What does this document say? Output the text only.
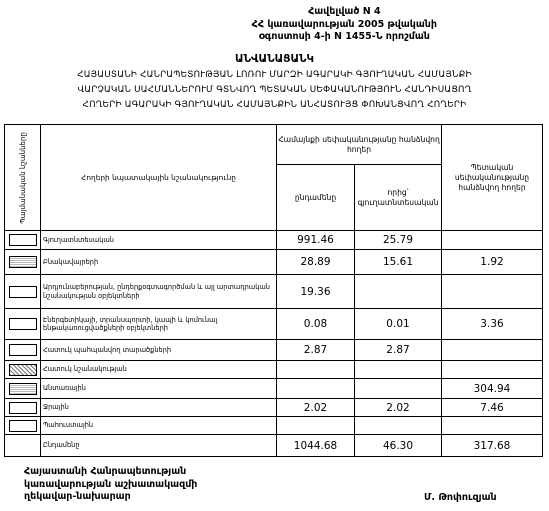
Հավելված N 4
ՀՀ կառավարության 2005 թվականի
օգոստոսի 4-ի N 1455-Ն որոշման
ԱՆՎԱՆԱՑԱՆԿ
ՀԱՅԱՍՏԱՆԻ ՀԱՆՐԱՊԵՏՈՒԹՅԱՆ ԼՈՌՈՒ ՄԱՐԶԻ ԱԳԱՐԱԿԻ ԳՅՈՒՂԱԿԱՆ ՀԱՄԱՅՆՔԻ
ՎԱՐՉԱԿԱՆ ՍԱՀՄԱՆՆԵՐՈՒՄ ԳՏՆՎՈՂ ՊԵՏԱԿԱՆ ՍԵՓԱԿԱՆՈՒԹՅՈՒՆ ՀԱՆԴԻՍԱՑՈՂ
ՀՈՂԵՐԻ ԱԳԱՐԱԿԻ ԳՅՈՒՂԱԿԱՆ ՀԱՄԱՅՆՔԻՆ ԱՆՀԱՏՈՒՅՑ ՓՈԽԱՆՑՎՈՂ ՀՈՂԵՐԻ
Պայմանական նշանները	Հողերի նպատակային նշանակությունը	Համայնքի սեփականությանը հանձնվող հողեր		Պետական սեփականությանը հանձնվող հողեր
		ընդամենը	որից՝ գյուղատնտեսական	

	Գյուղատնտեսական	991.46	25.79	

	Բնակավայրերի	28.89	15.61	1.92

	Արդյունաբերության, ընդերքօգտագործման և այլ արտադրական նշանակության օբյեկտների	19.36		

	Էներգետիկայի, տրանսպորտի, կապի և կոմունալ ենթակառուցվածքների օբյեկտների	0.08	0.01	3.36

	Հատուկ պահպանվող տարածքների	2.87	2.87	

	Հատուկ նշանակության			

	Անտառային			304.94

	Ջրային	2.02	2.02	7.46

	Պահուստային			
	Ընդամենը	1044.68	46.30	317.68
Հայաստանի Հանրապետության
կառավարության աշխատակազմի
ղեկավար-նախարար	Մ. Թոփուզյան
